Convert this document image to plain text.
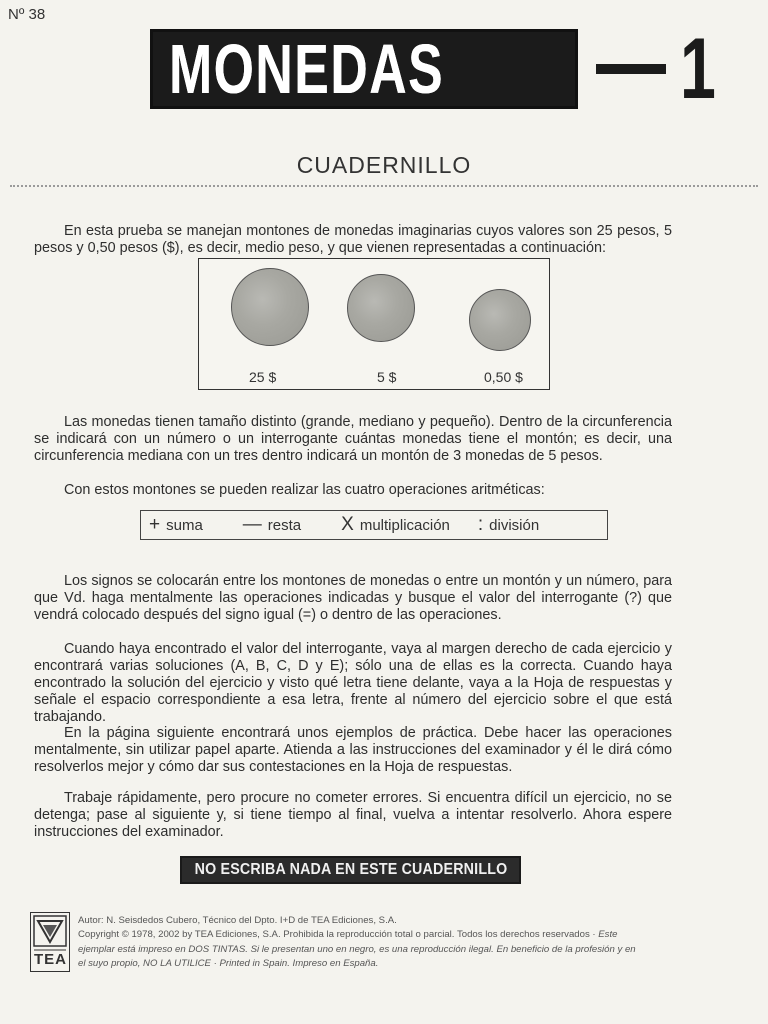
Nº 38
MONEDAS	1
CUADERNILLO

En esta prueba se manejan montones de monedas imaginarias cuyos valores son 25 pesos, 5 pesos y 0,50 pesos ($), es decir, medio peso, y que vienen representadas a continuación:

25 $	5 $	0,50 $

Las monedas tienen tamaño distinto (grande, mediano y pequeño). Dentro de la circunferencia se indicará con un número o un interrogante cuántas monedas tiene el montón; es decir, una circunferencia mediana con un tres dentro indicará un montón de 3 monedas de 5 pesos.

Con estos montones se pueden realizar las cuatro operaciones aritméticas:

+ suma — resta X multiplicación : división

Los signos se colocarán entre los montones de monedas o entre un montón y un número, para que Vd. haga mentalmente las operaciones indicadas y busque el valor del interrogante (?) que vendrá colocado después del signo igual (=) o dentro de las operaciones.

Cuando haya encontrado el valor del interrogante, vaya al margen derecho de cada ejercicio y encontrará varias soluciones (A, B, C, D y E); sólo una de ellas es la correcta. Cuando haya encontrado la solución del ejercicio y visto qué letra tiene delante, vaya a la Hoja de respuestas y señale el espacio correspondiente a esa letra, frente al número del ejercicio sobre el que está trabajando.

En la página siguiente encontrará unos ejemplos de práctica. Debe hacer las operaciones mentalmente, sin utilizar papel aparte. Atienda a las instrucciones del examinador y él le dirá cómo resolverlos mejor y cómo dar sus contestaciones en la Hoja de respuestas.

Trabaje rápidamente, pero procure no cometer errores. Si encuentra difícil un ejercicio, no se detenga; pase al siguiente y, si tiene tiempo al final, vuelva a intentar resolverlo. Ahora espere instrucciones del examinador.

NO ESCRIBA NADA EN ESTE CUADERNILLO
TEA
Autor: N. Seisdedos Cubero, Técnico del Dpto. I+D de TEA Ediciones, S.A.
Copyright © 1978, 2002 by TEA Ediciones, S.A. Prohibida la reproducción total o parcial. Todos los derechos reservados · Este
ejemplar está impreso en DOS TINTAS. Si le presentan uno en negro, es una reproducción ilegal. En beneficio de la profesión y en
el suyo propio, NO LA UTILICE · Printed in Spain. Impreso en España.
